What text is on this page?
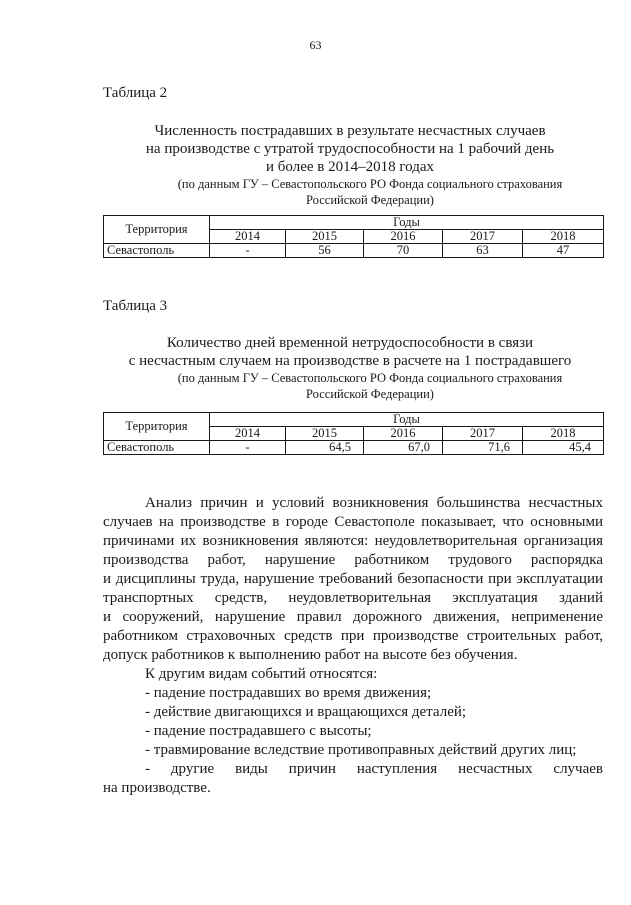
63
Таблица 2
Численность пострадавших в результате несчастных случаев
на производстве с утратой трудоспособности на 1 рабочий день
и более в 2014–2018 годах
(по данным ГУ – Севастопольского РО Фонда социального страхования
Российской Федерации)
Территория	Годы				
	2014	2015	2016	2017	2018
Севастополь	-	56	70	63	47
Таблица 3
Количество дней временной нетрудоспособности в связи
с несчастным случаем на производстве в расчете на 1 пострадавшего
(по данным ГУ – Севастопольского РО Фонда социального страхования
Российской Федерации)
Территория	Годы				
	2014	2015	2016	2017	2018
Севастополь	-	64,5	67,0	71,6	45,4
Анализ причин и условий возникновения большинства несчастных
случаев на производстве в городе Севастополе показывает, что основными
причинами их возникновения являются: неудовлетворительная организация
производства работ, нарушение работником трудового распорядка
и дисциплины труда, нарушение требований безопасности при эксплуатации
транспортных средств, неудовлетворительная эксплуатация зданий
и сооружений, нарушение правил дорожного движения, неприменение
работником страховочных средств при производстве строительных работ,
допуск работников к выполнению работ на высоте без обучения.
К другим видам событий относятся:
- падение пострадавших во время движения;
- действие двигающихся и вращающихся деталей;
- падение пострадавшего с высоты;
- травмирование вследствие противоправных действий других лиц;
- другие виды причин наступления несчастных случаев
на производстве.
